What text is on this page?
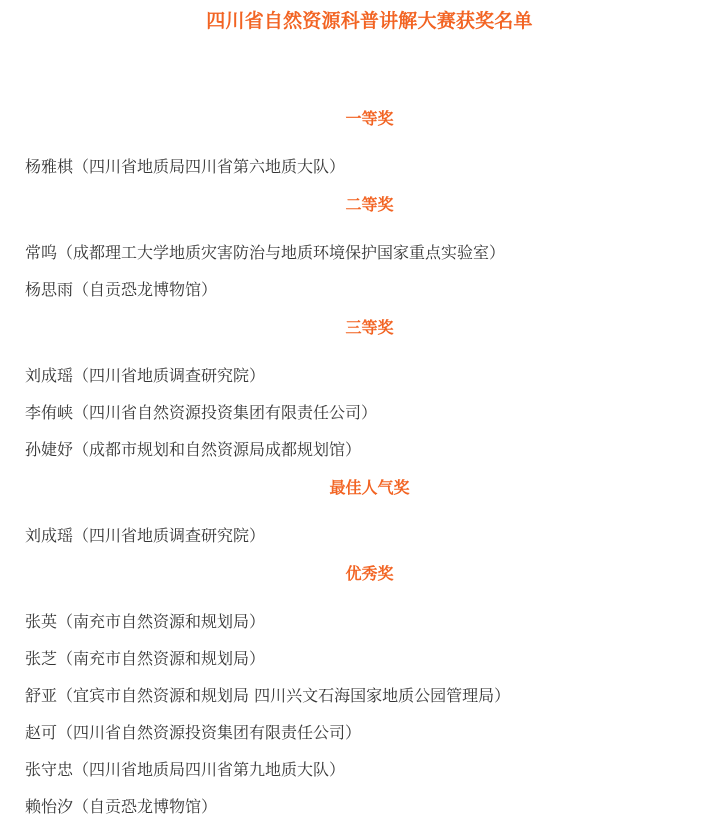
四川省自然资源科普讲解大赛获奖名单
一等奖
杨雅棋（四川省地质局四川省第六地质大队）
二等奖
常呜（成都理工大学地质灾害防治与地质环境保护国家重点实验室）
杨思雨（自贡恐龙博物馆）
三等奖
刘成瑶（四川省地质调查研究院）
李侑峡（四川省自然资源投资集团有限责任公司）
孙婕妤（成都市规划和自然资源局成都规划馆）
最佳人气奖
刘成瑶（四川省地质调查研究院）
优秀奖
张英（南充市自然资源和规划局）
张芝（南充市自然资源和规划局）
舒亚（宜宾市自然资源和规划局 四川兴文石海国家地质公园管理局）
赵可（四川省自然资源投资集团有限责任公司）
张守忠（四川省地质局四川省第九地质大队）
赖怡汐（自贡恐龙博物馆）
